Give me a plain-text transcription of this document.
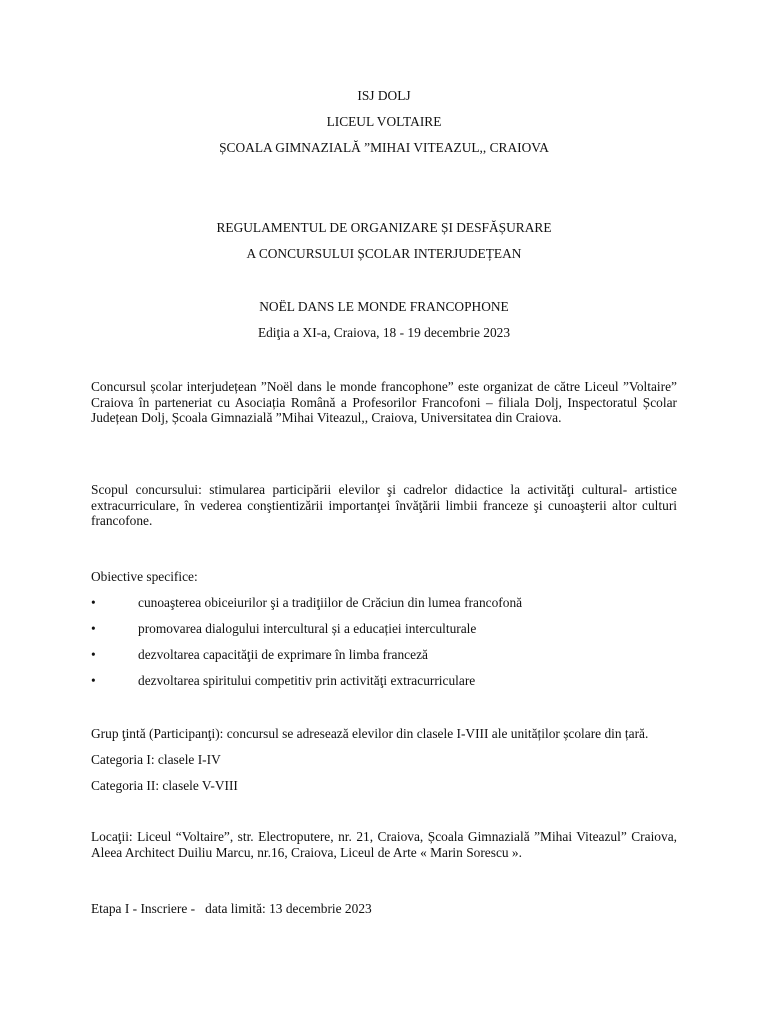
ISJ DOLJ
LICEUL VOLTAIRE
ȘCOALA GIMNAZIALĂ ”MIHAI VITEAZUL,, CRAIOVA
REGULAMENTUL DE ORGANIZARE ȘI DESFĂȘURARE
A CONCURSULUI ȘCOLAR INTERJUDEȚEAN
NOËL DANS LE MONDE FRANCOPHONE
Ediţia a XI-a, Craiova, 18 - 19 decembrie 2023
Concursul școlar interjudețean ”Noël dans le monde francophone” este organizat de către Liceul ”Voltaire” Craiova în parteneriat cu Asociația Română a Profesorilor Francofoni – filiala Dolj, Inspectoratul Școlar Județean Dolj, Școala Gimnazială ”Mihai Viteazul,, Craiova, Universitatea din Craiova.
Scopul concursului: stimularea participării elevilor şi cadrelor didactice la activităţi cultural- artistice extracurriculare, în vederea conştientizării importanţei învăţării limbii franceze şi cunoaşterii altor culturi francofone.
Obiective specifice:
•	cunoaşterea obiceiurilor şi a tradiţiilor de Crăciun din lumea francofonă
•	promovarea dialogului intercultural și a educației interculturale
•	dezvoltarea capacităţii de exprimare în limba franceză
•	dezvoltarea spiritului competitiv prin activităţi extracurriculare
Grup ţintă (Participanţi): concursul se adresează elevilor din clasele I-VIII ale unităților școlare din țară.
Categoria I: clasele I-IV
Categoria II: clasele V-VIII
Locaţii: Liceul “Voltaire”, str. Electroputere, nr. 21, Craiova, Școala Gimnazială ”Mihai Viteazul” Craiova, Aleea Architect Duiliu Marcu, nr.16, Craiova, Liceul de Arte « Marin Sorescu ».
Etapa I - Inscriere -   data limită: 13 decembrie 2023
